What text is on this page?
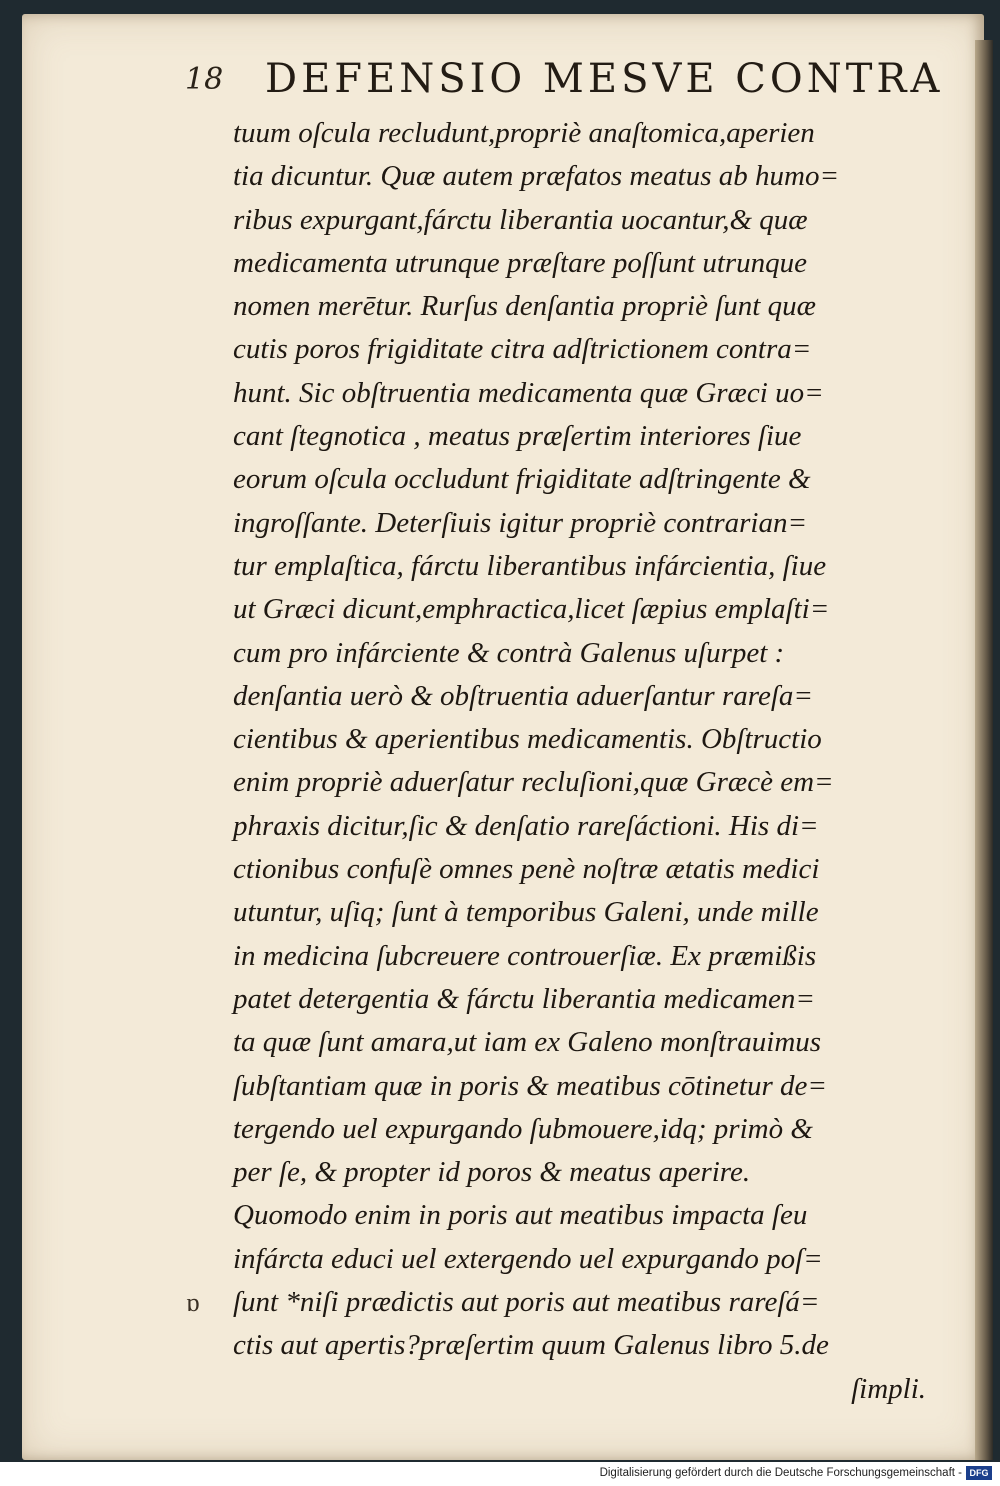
18 DEFENSIO MESVE CONTRA
tuum oſcula recludunt,propriè anaſtomica,aperien
tia dicuntur. Quæ autem præfatos meatus ab humo=
ribus expurgant,fárctu liberantia uocantur,& quæ
medicamenta utrunque præſtare poſſunt utrunque
nomen merētur. Rurſus denſantia propriè ſunt quæ
cutis poros frigiditate citra adſtrictionem contra=
hunt. Sic obſtruentia medicamenta quæ Græci uo=
cant ſtegnotica , meatus præſertim interiores ſiue
eorum oſcula occludunt frigiditate adſtringente &
ingroſſante. Deterſiuis igitur propriè contrarian=
tur emplaſtica, fárctu liberantibus infárcientia, ſiue
ut Græci dicunt,emphractica,licet ſæpius emplaſti=
cum pro infárciente & contrà Galenus uſurpet :
denſantia uerò & obſtruentia aduerſantur rareſa=
cientibus & aperientibus medicamentis. Obſtructio
enim propriè aduerſatur recluſioni,quæ Græcè em=
phraxis dicitur,ſic & denſatio rareſáctioni. His di=
ctionibus confuſè omnes penè noſtræ ætatis medici
utuntur, uſiq; ſunt à temporibus Galeni, unde mille
in medicina ſubcreuere controuerſiæ. Ex præmißis
patet detergentia & fárctu liberantia medicamen=
ta quæ ſunt amara,ut iam ex Galeno monſtrauimus
ſubſtantiam quæ in poris & meatibus cōtinetur de=
tergendo uel expurgando ſubmouere,idq; primò &
per ſe, & propter id poros & meatus aperire.
Quomodo enim in poris aut meatibus impacta ſeu
infárcta educi uel extergendo uel expurgando poſ=
ſunt *niſi prædictis aut poris aut meatibus rareſá=
ctis aut apertis?præſertim quum Galenus libro 5.de
ſimpli.
ɒ
Digitalisierung gefördert durch die Deutsche Forschungsgemeinschaft - DFG
